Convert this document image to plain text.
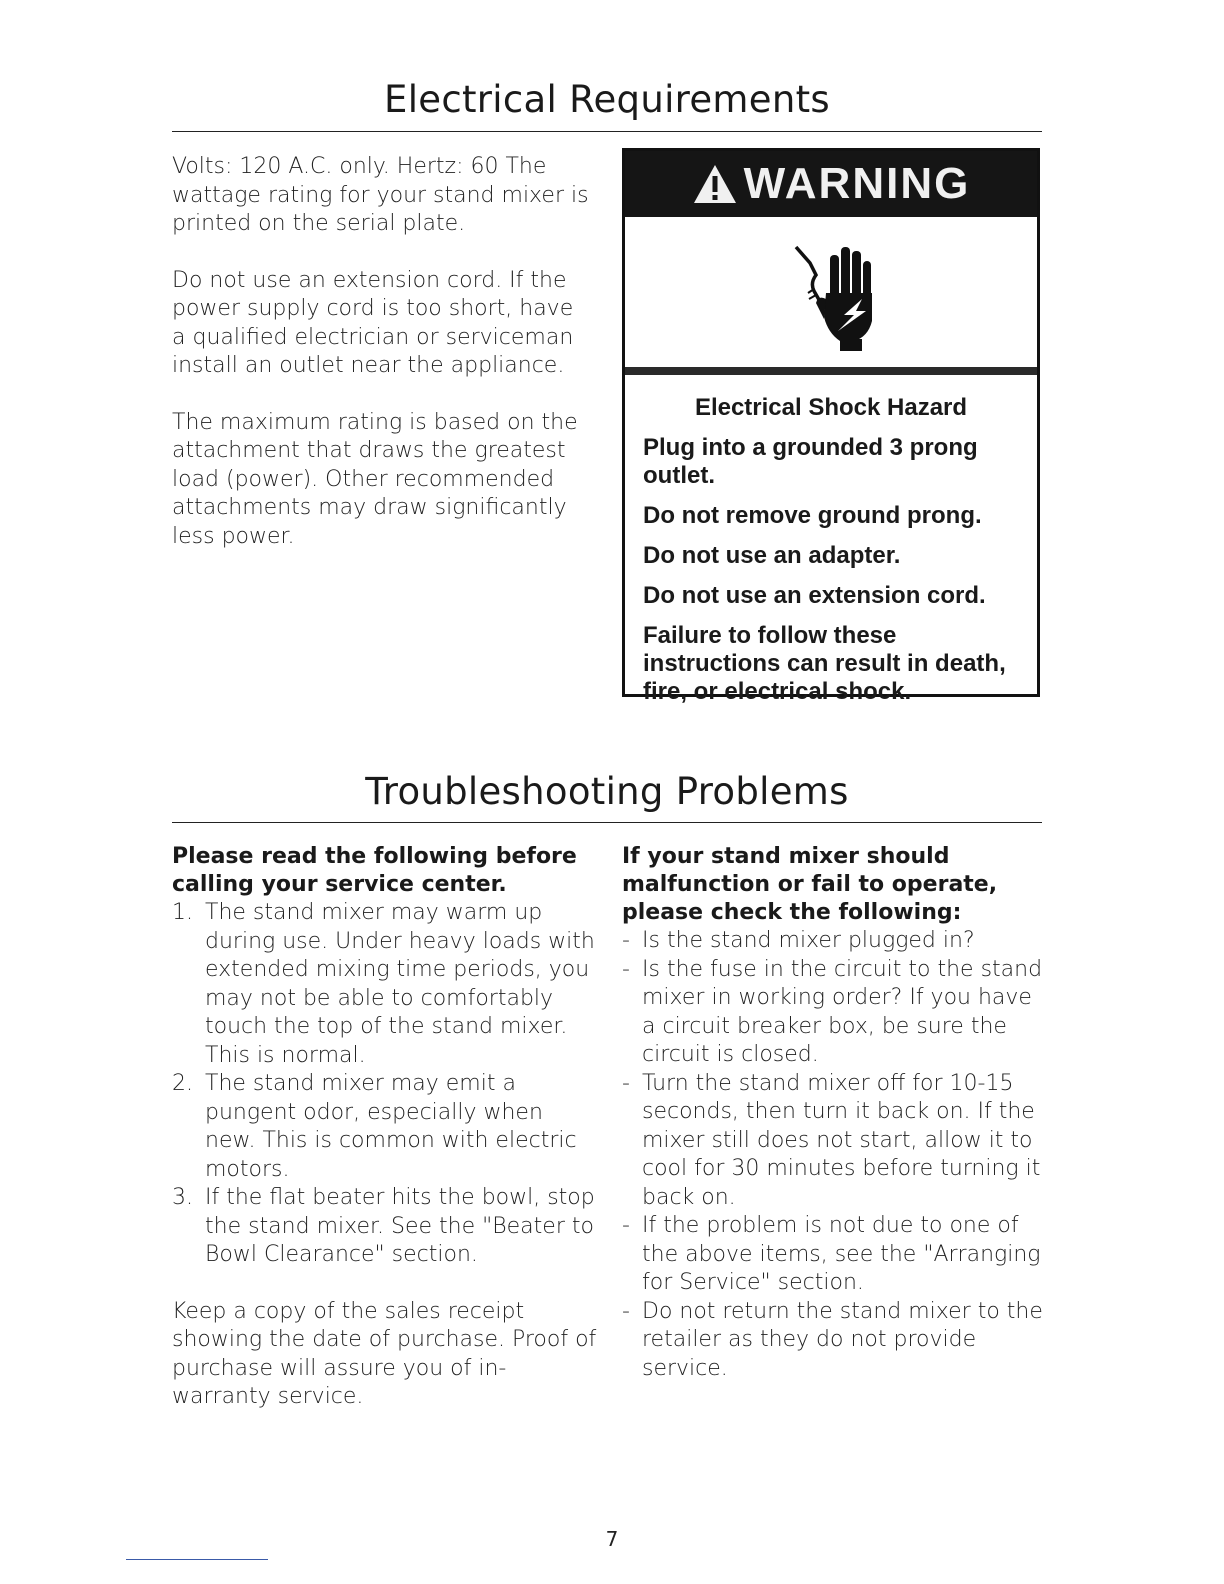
Electrical Requirements

Volts: 120 A.C. only. Hertz: 60 The wattage rating for your stand mixer is printed on the serial plate.

Do not use an extension cord. If the power supply cord is too short, have a qualified electrician or serviceman install an outlet near the appliance.

The maximum rating is based on the attachment that draws the greatest load (power). Other recommended attachments may draw significantly less power.

WARNING

Electrical Shock Hazard

Plug into a grounded 3 prong outlet.
Do not remove ground prong.
Do not use an adapter.
Do not use an extension cord.
Failure to follow these instructions can result in death, fire, or electrical shock.
Troubleshooting Problems

Please read the following before calling your service center.

1. The stand mixer may warm up during use. Under heavy loads with extended mixing time periods, you may not be able to comfortably touch the top of the stand mixer. This is normal.
2. The stand mixer may emit a pungent odor, especially when new. This is common with electric motors.
3. If the flat beater hits the bowl, stop the stand mixer. See the "Beater to Bowl Clearance" section.

Keep a copy of the sales receipt showing the date of purchase. Proof of purchase will assure you of in-warranty service.

If your stand mixer should malfunction or fail to operate, please check the following:

- Is the stand mixer plugged in?
- Is the fuse in the circuit to the stand mixer in working order? If you have a circuit breaker box, be sure the circuit is closed.
- Turn the stand mixer off for 10-15 seconds, then turn it back on. If the mixer still does not start, allow it to cool for 30 minutes before turning it back on.
- If the problem is not due to one of the above items, see the "Arranging for Service" section.
- Do not return the stand mixer to the retailer as they do not provide service.
7
